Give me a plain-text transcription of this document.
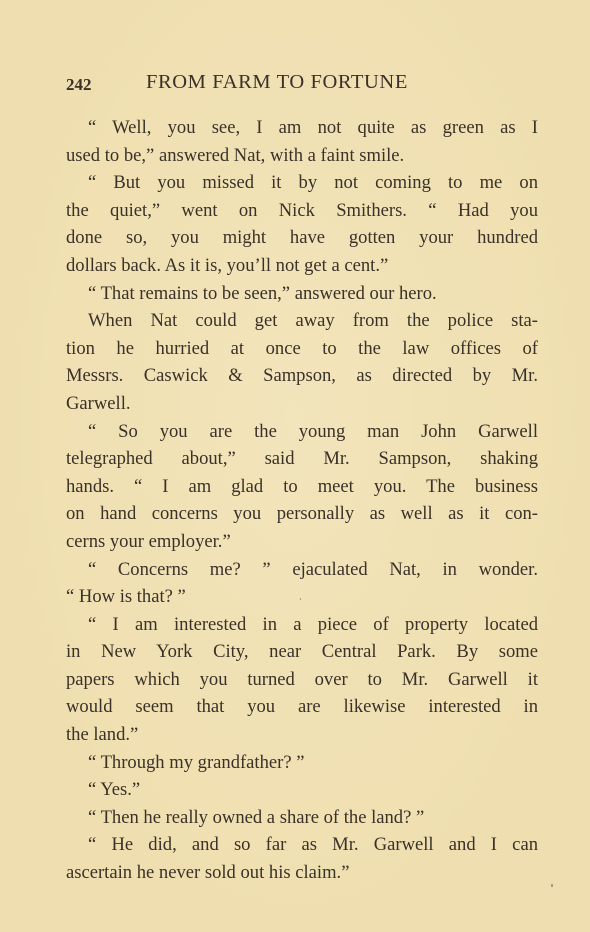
242	FROM FARM TO FORTUNE
“ Well, you see, I am not quite as green as I
used to be,” answered Nat, with a faint smile.
“ But you missed it by not coming to me on
the quiet,” went on Nick Smithers. “ Had you
done so, you might have gotten your hundred
dollars back. As it is, you’ll not get a cent.”
“ That remains to be seen,” answered our hero.
When Nat could get away from the police sta-
tion he hurried at once to the law offices of
Messrs. Caswick & Sampson, as directed by Mr.
Garwell.
“ So you are the young man John Garwell
telegraphed about,” said Mr. Sampson, shaking
hands. “ I am glad to meet you. The business
on hand concerns you personally as well as it con-
cerns your employer.”
“ Concerns me? ” ejaculated Nat, in wonder.
“ How is that? ”
“ I am interested in a piece of property located
in New York City, near Central Park. By some
papers which you turned over to Mr. Garwell it
would seem that you are likewise interested in
the land.”
“ Through my grandfather? ”
“ Yes.”
“ Then he really owned a share of the land? ”
“ He did, and so far as Mr. Garwell and I can
ascertain he never sold out his claim.”
